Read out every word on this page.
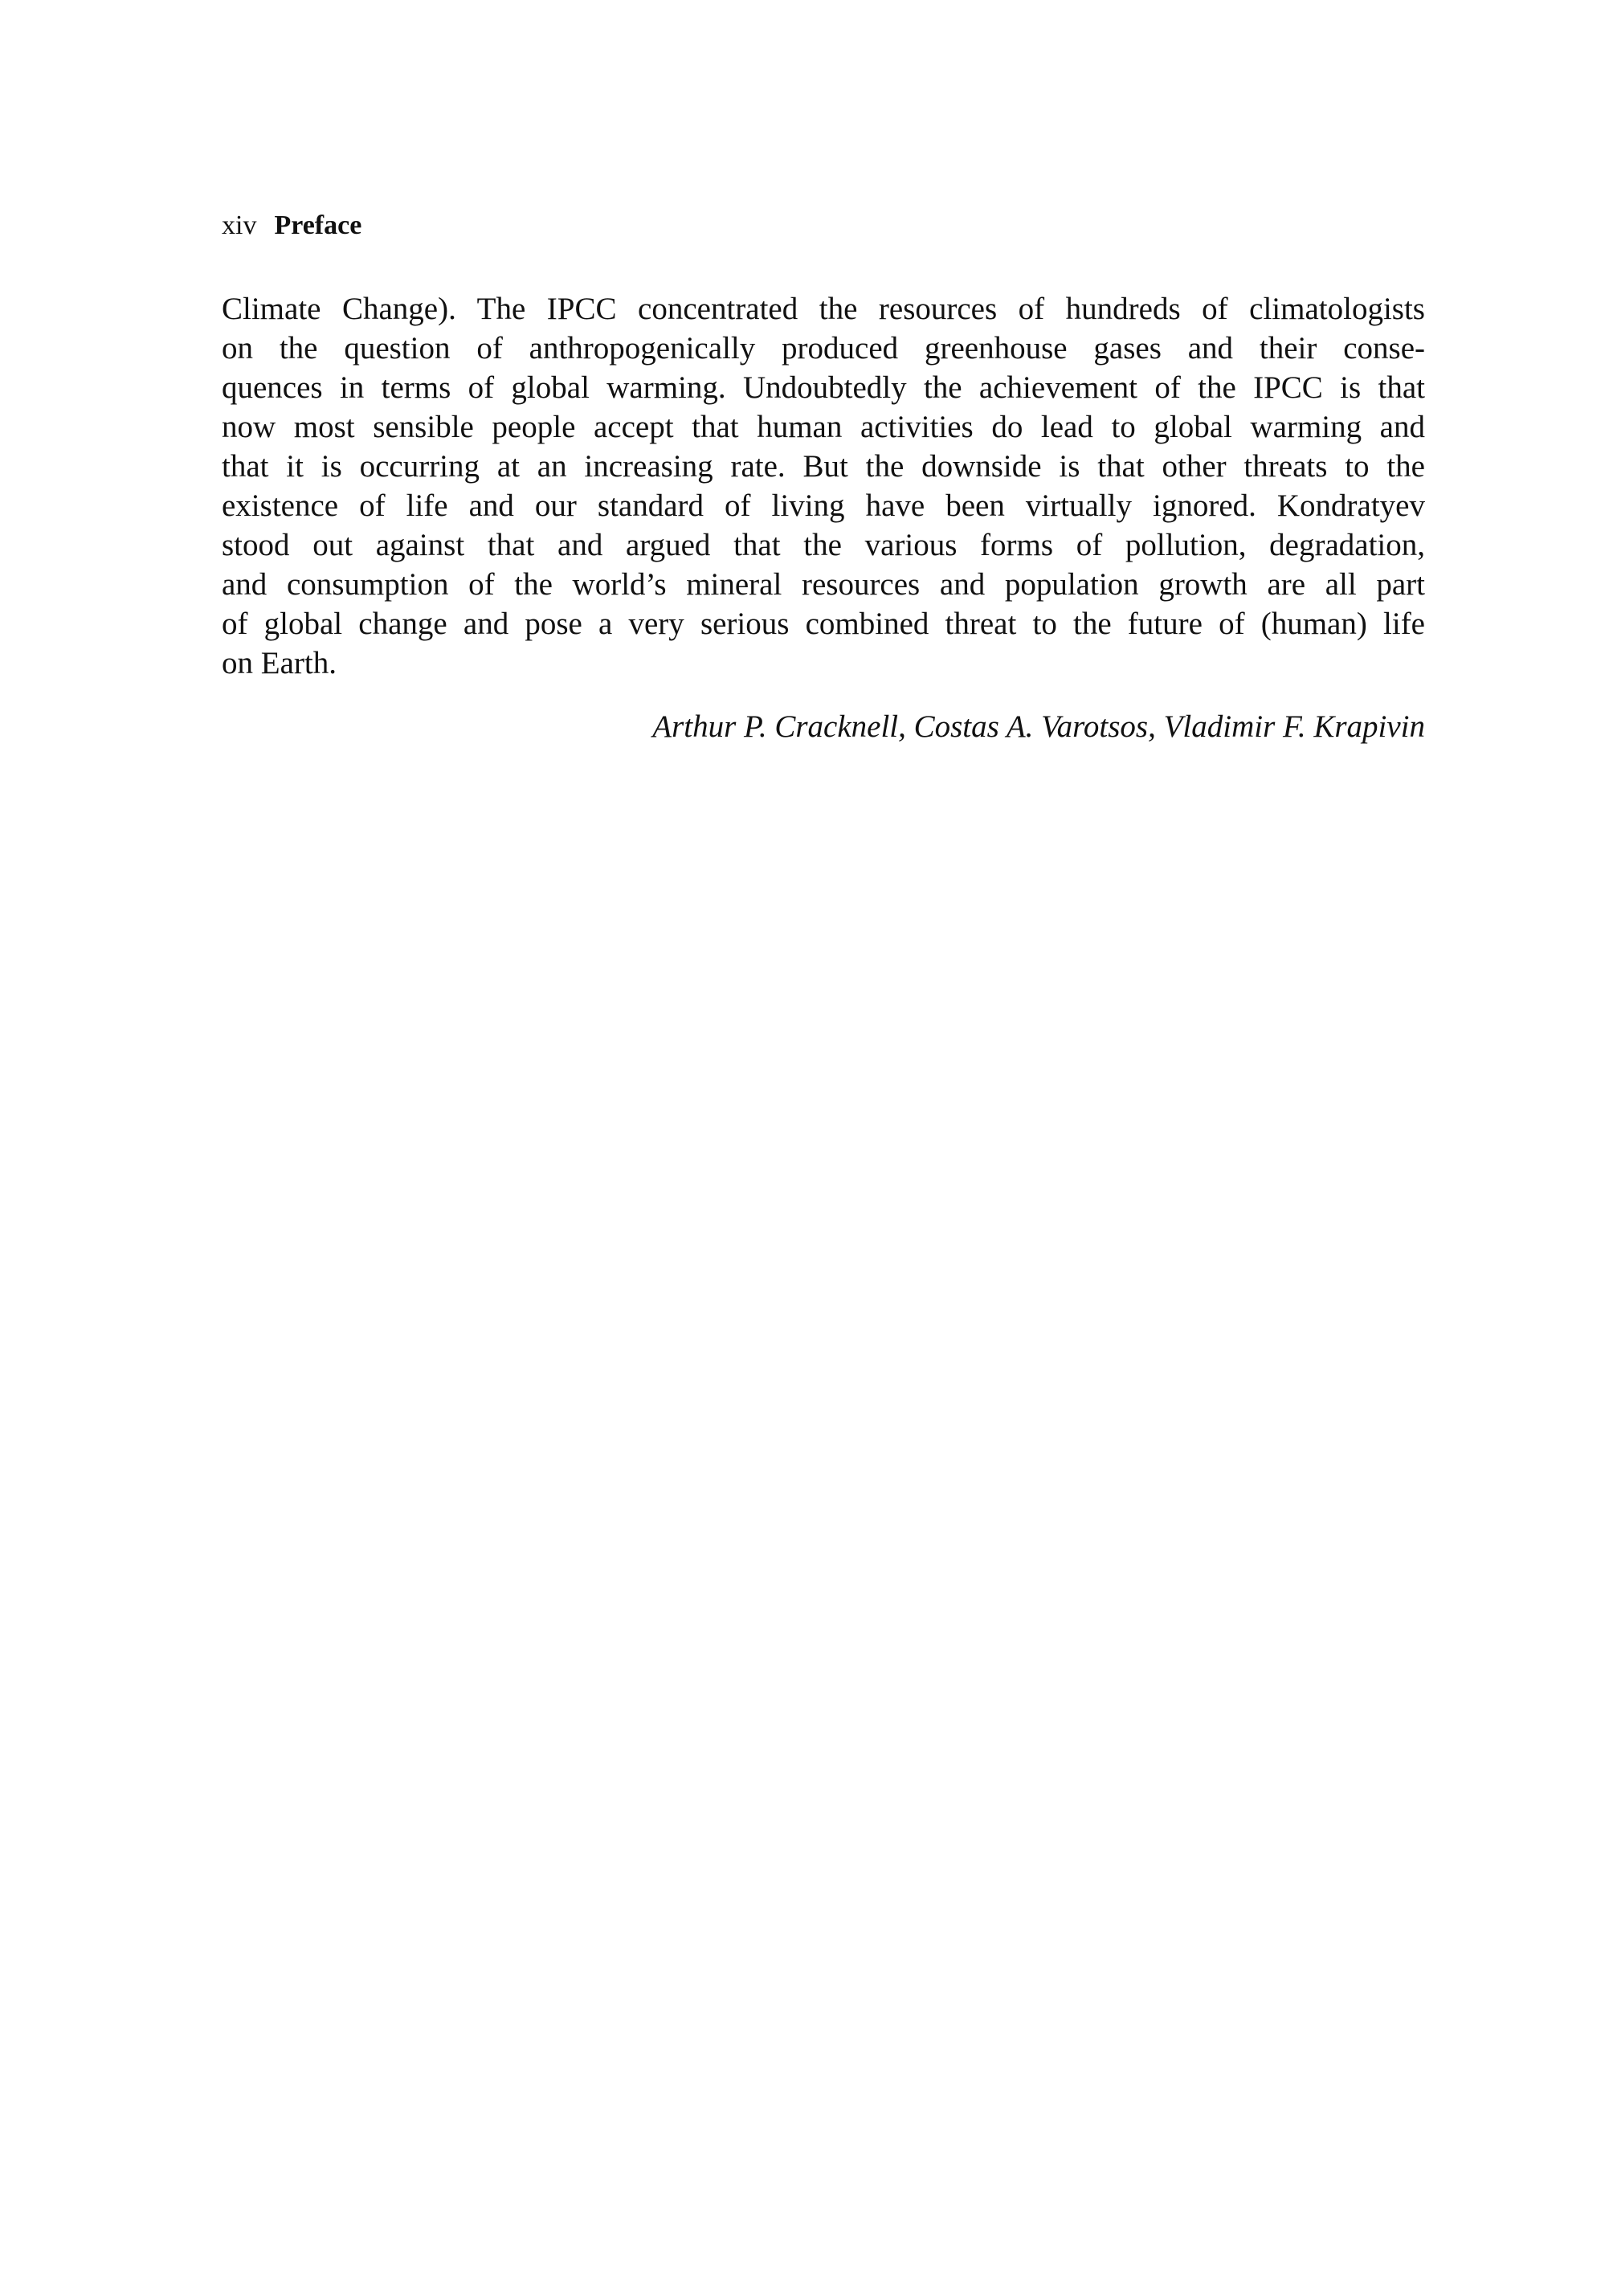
xiv Preface
Climate Change). The IPCC concentrated the resources of hundreds of climatologists
on the question of anthropogenically produced greenhouse gases and their conse-
quences in terms of global warming. Undoubtedly the achievement of the IPCC is that
now most sensible people accept that human activities do lead to global warming and
that it is occurring at an increasing rate. But the downside is that other threats to the
existence of life and our standard of living have been virtually ignored. Kondratyev
stood out against that and argued that the various forms of pollution, degradation,
and consumption of the world’s mineral resources and population growth are all part
of global change and pose a very serious combined threat to the future of (human) life
on Earth.
Arthur P. Cracknell, Costas A. Varotsos, Vladimir F. Krapivin
